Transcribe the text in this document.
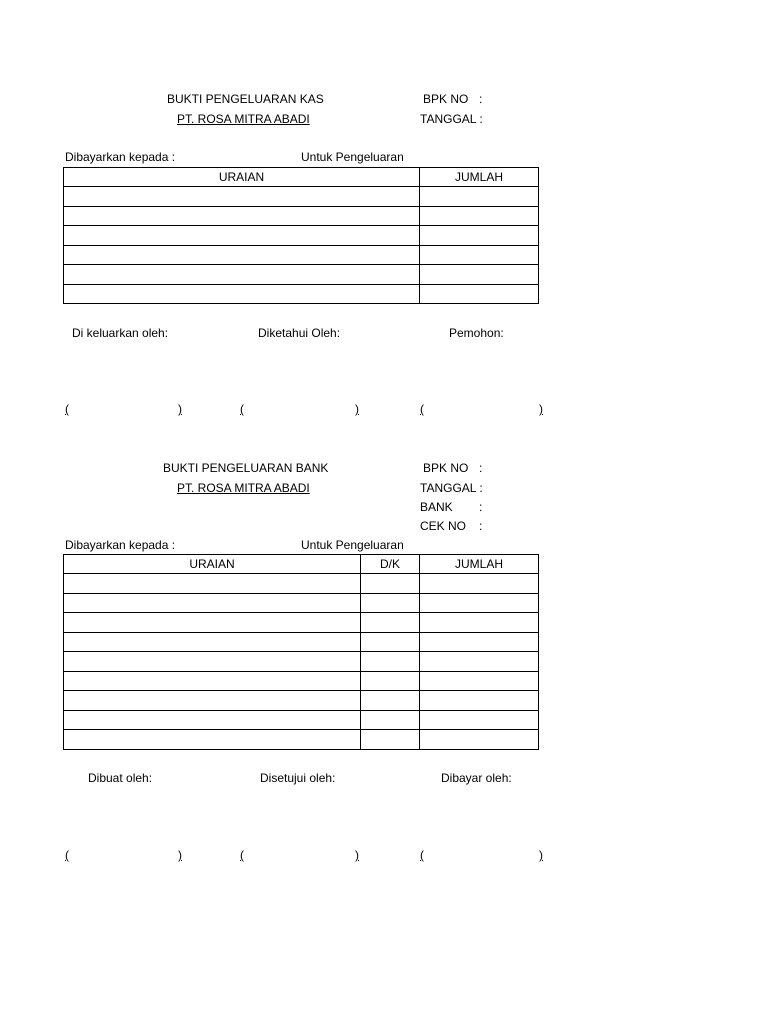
BUKTI PENGELUARAN KAS
PT. ROSA MITRA ABADI
BPK NO :
TANGGAL :
Dibayarkan kepada :	Untuk Pengeluaran
URAIAN	JUMLAH

Di keluarkan oleh:	Diketahui Oleh:	Pemohon:
(	)	(	)	(	)
BUKTI PENGELUARAN BANK
PT. ROSA MITRA ABADI
BPK NO :
TANGGAL :
BANK :
CEK NO :
Dibayarkan kepada :	Untuk Pengeluaran
URAIAN	D/K	JUMLAH

Dibuat oleh:	Disetujui oleh:	Dibayar oleh:
(	)	(	)	(	)
